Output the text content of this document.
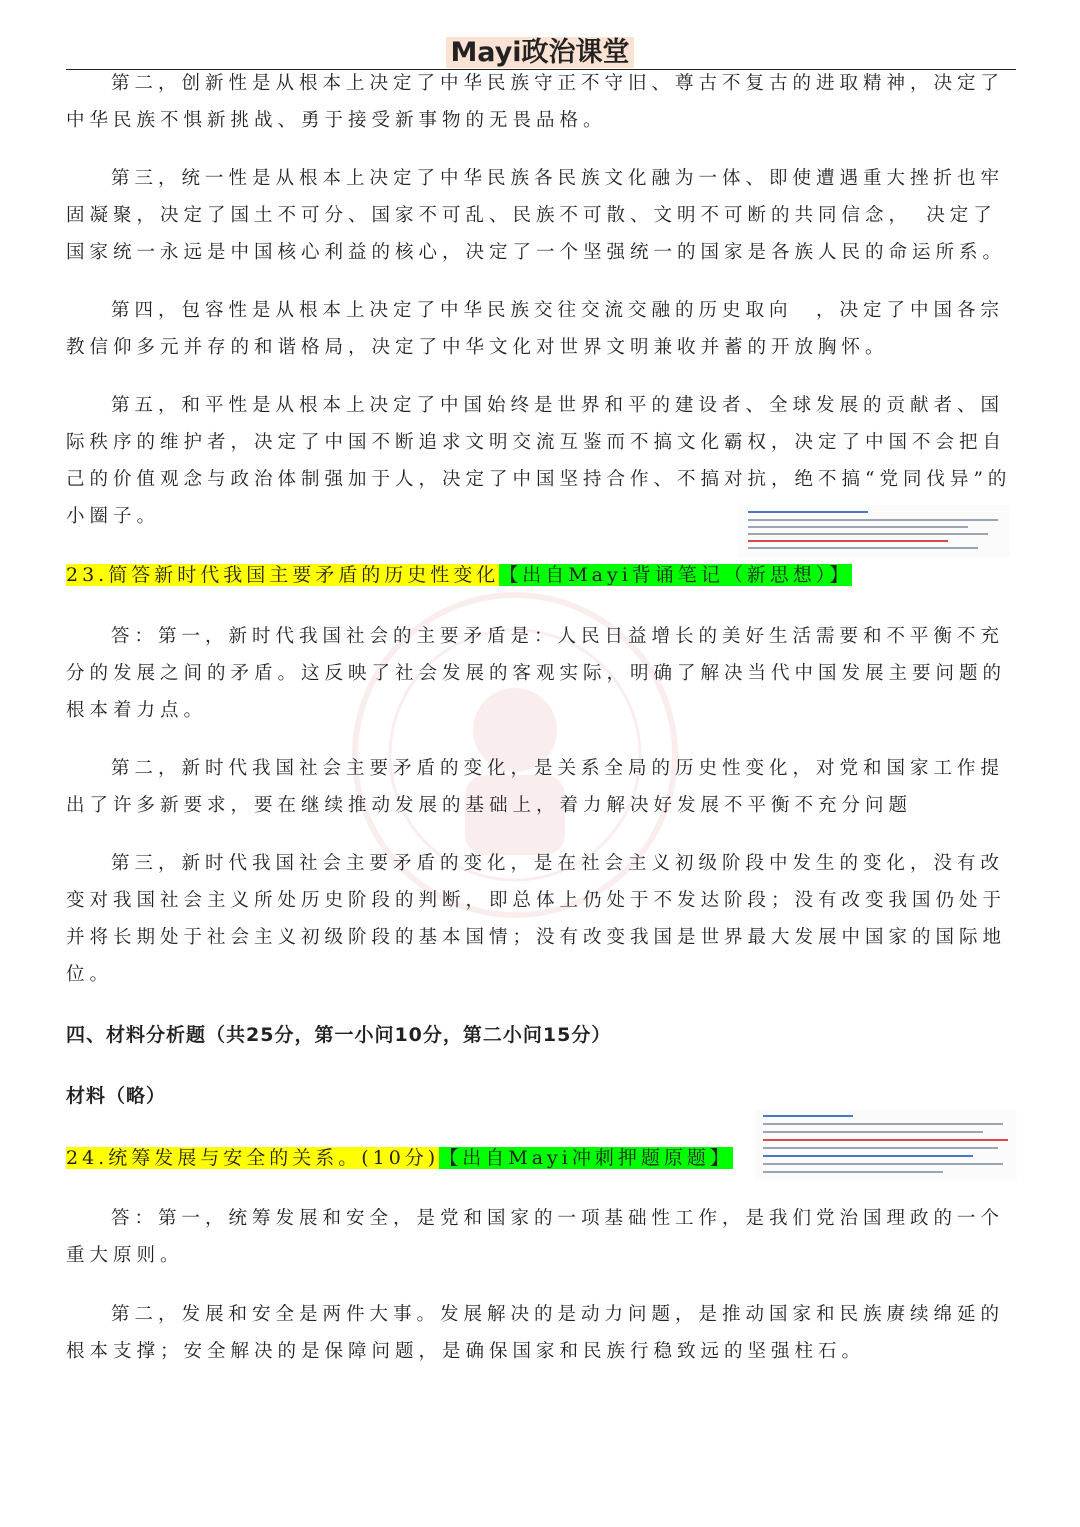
Mayi政治课堂

第二，创新性是从根本上决定了中华民族守正不守旧、尊古不复古的进取精神，决定了中华民族不惧新挑战、勇于接受新事物的无畏品格。

第三，统一性是从根本上决定了中华民族各民族文化融为一体、即使遭遇重大挫折也牢固凝聚，决定了国土不可分、国家不可乱、民族不可散、文明不可断的共同信念，　决定了国家统一永远是中国核心利益的核心，决定了一个坚强统一的国家是各族人民的命运所系。

第四，包容性是从根本上决定了中华民族交往交流交融的历史取向　，决定了中国各宗教信仰多元并存的和谐格局，决定了中华文化对世界文明兼收并蓄的开放胸怀。

第五，和平性是从根本上决定了中国始终是世界和平的建设者、全球发展的贡献者、国际秩序的维护者，决定了中国不断追求文明交流互鉴而不搞文化霸权，决定了中国不会把自己的价值观念与政治体制强加于人，决定了中国坚持合作、不搞对抗，绝不搞“党同伐异”的小圈子。

23.简答新时代我国主要矛盾的历史性变化【出自Mayi背诵笔记（新思想）】

答：第一，新时代我国社会的主要矛盾是：人民日益增长的美好生活需要和不平衡不充分的发展之间的矛盾。这反映了社会发展的客观实际，明确了解决当代中国发展主要问题的根本着力点。

第二，新时代我国社会主要矛盾的变化，是关系全局的历史性变化，对党和国家工作提出了许多新要求，要在继续推动发展的基础上，着力解决好发展不平衡不充分问题

第三，新时代我国社会主要矛盾的变化，是在社会主义初级阶段中发生的变化，没有改变对我国社会主义所处历史阶段的判断，即总体上仍处于不发达阶段；没有改变我国仍处于并将长期处于社会主义初级阶段的基本国情；没有改变我国是世界最大发展中国家的国际地位。

四、材料分析题（共25分，第一小问10分，第二小问15分）
材料（略）
24.统筹发展与安全的关系。(10分)【出自Mayi冲刺押题原题】

答：第一，统筹发展和安全，是党和国家的一项基础性工作，是我们党治国理政的一个重大原则。

第二，发展和安全是两件大事。发展解决的是动力问题，是推动国家和民族赓续绵延的根本支撑；安全解决的是保障问题，是确保国家和民族行稳致远的坚强柱石。
